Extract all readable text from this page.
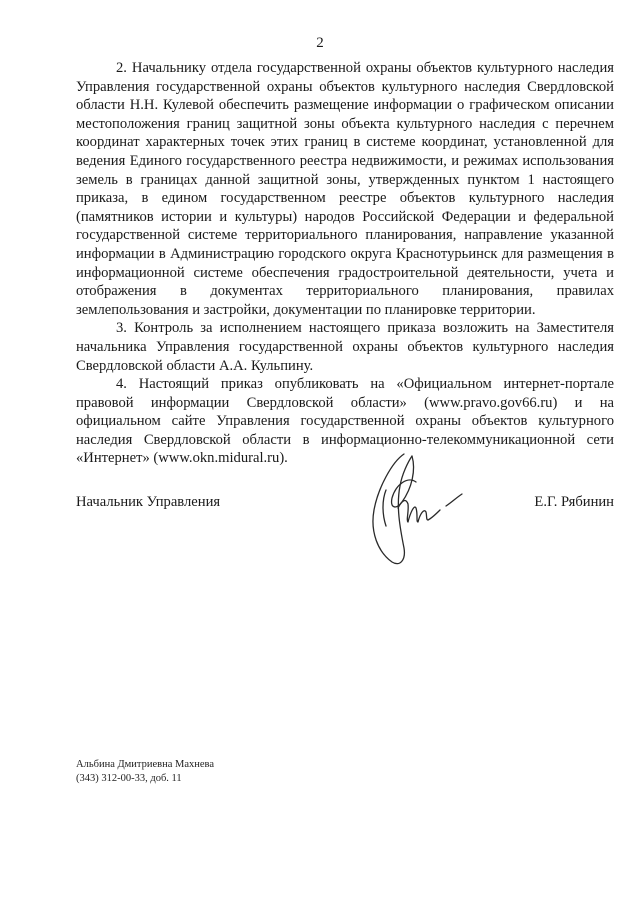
2

2. Начальнику отдела государственной охраны объектов культурного наследия Управления государственной охраны объектов культурного наследия Свердловской области Н.Н. Кулевой обеспечить размещение информации о графическом описании местоположения границ защитной зоны объекта культурного наследия с перечнем координат характерных точек этих границ в системе координат, установленной для ведения Единого государственного реестра недвижимости, и режимах использования земель в границах данной защитной зоны, утвержденных пунктом 1 настоящего приказа, в едином государственном реестре объектов культурного наследия (памятников истории и культуры) народов Российской Федерации и федеральной государственной системе территориального планирования, направление указанной информации в Администрацию городского округа Краснотурьинск для размещения в информационной системе обеспечения градостроительной деятельности, учета и отображения в документах территориального планирования, правилах землепользования и застройки, документации по планировке территории.

3. Контроль за исполнением настоящего приказа возложить на Заместителя начальника Управления государственной охраны объектов культурного наследия Свердловской области А.А. Кульпину.

4. Настоящий приказ опубликовать на «Официальном интернет-портале правовой информации Свердловской области» (www.pravo.gov66.ru) и на официальном сайте Управления государственной охраны объектов культурного наследия Свердловской области в информационно-телекоммуникационной сети «Интернет» (www.okn.midural.ru).

Начальник Управления	Е.Г. Рябинин
Альбина Дмитриевна Махнева
(343) 312-00-33, доб. 11
